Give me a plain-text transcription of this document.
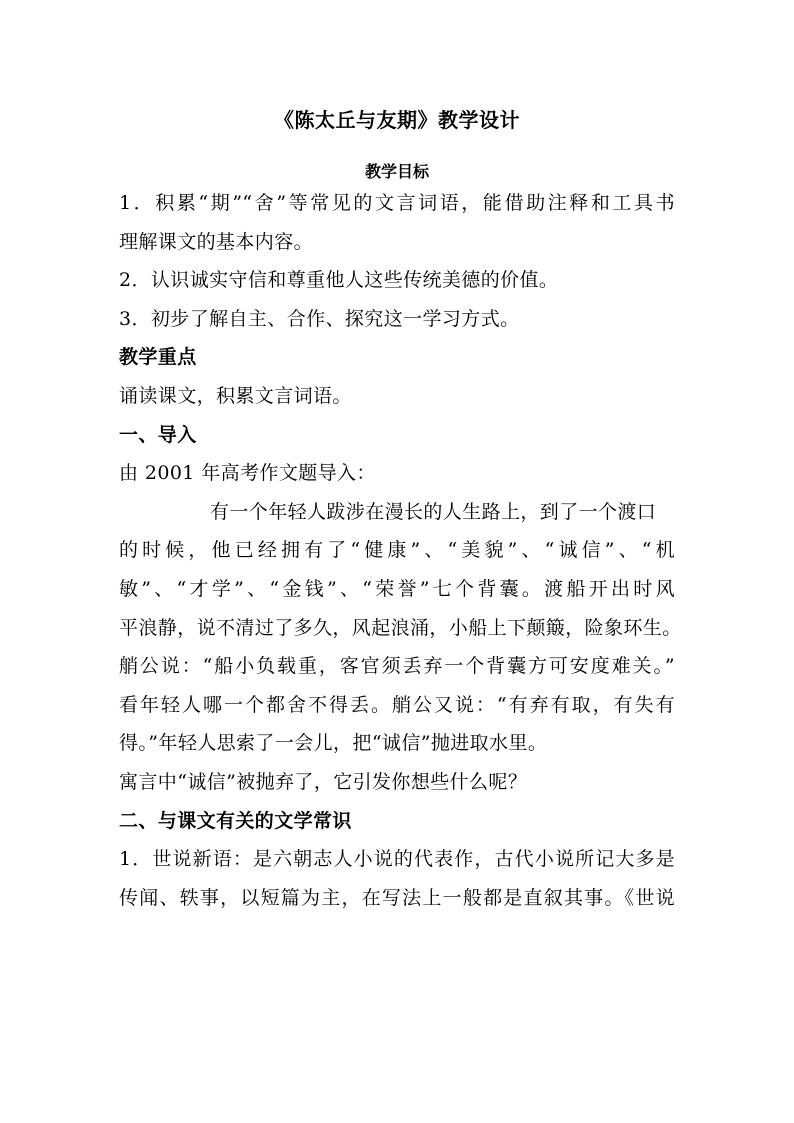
《陈太丘与友期》教学设计
教学目标
1．积累“期”“舍”等常见的文言词语，能借助注释和工具书
理解课文的基本内容。
2．认识诚实守信和尊重他人这些传统美德的价值。
3．初步了解自主、合作、探究这一学习方式。
教学重点
诵读课文，积累文言词语。
一、导入
由 2001 年高考作文题导入：
有一个年轻人跋涉在漫长的人生路上，到了一个渡口
的时候，他已经拥有了“健康”、“美貌”、“诚信”、“机
敏”、“才学”、“金钱”、“荣誉”七个背囊。渡船开出时风
平浪静，说不清过了多久，风起浪涌，小船上下颠簸，险象环生。
艄公说：“船小负载重，客官须丢弃一个背囊方可安度难关。”
看年轻人哪一个都舍不得丢。艄公又说：“有弃有取，有失有
得。”年轻人思索了一会儿，把“诚信”抛进取水里。
寓言中“诚信”被抛弃了，它引发你想些什么呢？
二、与课文有关的文学常识
1．世说新语：是六朝志人小说的代表作，古代小说所记大多是
传闻、轶事，以短篇为主，在写法上一般都是直叙其事。《世说
